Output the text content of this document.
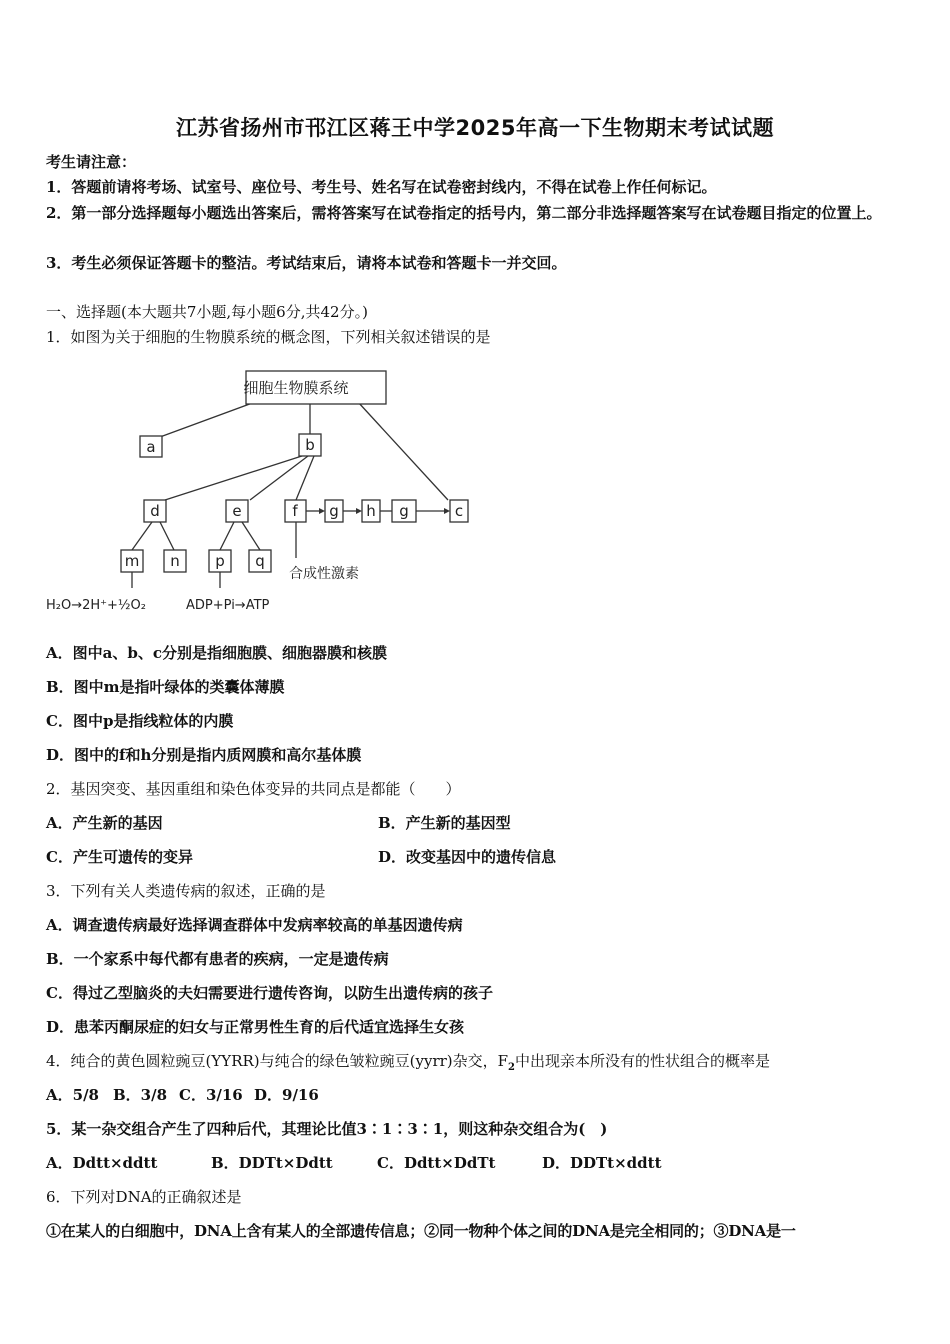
江苏省扬州市邗江区蒋王中学2025年高一下生物期末考试试题
考生请注意：
1．答题前请将考场、试室号、座位号、考生号、姓名写在试卷密封线内，不得在试卷上作任何标记。
2．第一部分选择题每小题选出答案后，需将答案写在试卷指定的括号内，第二部分非选择题答案写在试卷题目指定的位置上。
3．考生必须保证答题卡的整洁。考试结束后，请将本试卷和答题卡一并交回。
一、选择题(本大题共7小题,每小题6分,共42分。)
1．如图为关于细胞的生物膜系统的概念图，下列相关叙述错误的是
细胞生物膜系统
a	b
d	e	f g h g	c
m n p q
合成性激素
H₂O→2H⁺+½O₂	ADP+Pi→ATP
A．图中a、b、c分别是指细胞膜、细胞器膜和核膜
B．图中m是指叶绿体的类囊体薄膜
C．图中p是指线粒体的内膜
D．图中的f和h分别是指内质网膜和高尔基体膜
2．基因突变、基因重组和染色体变异的共同点是都能（　　）
A．产生新的基因	B．产生新的基因型
C．产生可遗传的变异	D．改变基因中的遗传信息
3．下列有关人类遗传病的叙述，正确的是
A．调查遗传病最好选择调查群体中发病率较高的单基因遗传病
B．一个家系中每代都有患者的疾病，一定是遗传病
C．得过乙型脑炎的夫妇需要进行遗传咨询，以防生出遗传病的孩子
D．患苯丙酮尿症的妇女与正常男性生育的后代适宜选择生女孩
4．纯合的黄色圆粒豌豆(YYRR)与纯合的绿色皱粒豌豆(yyrr)杂交，$F_2$中出现亲本所没有的性状组合的概率是
A．5/8 B．3/8 C．3/16 D．9/16
5．某一杂交组合产生了四种后代，其理论比值3∶1∶3∶1，则这种杂交组合为(　)
A．Ddtt×ddtt	B．DDTt×Ddtt	C．Ddtt×DdTt	D．DDTt×ddtt
6．下列对DNA的正确叙述是
①在某人的白细胞中，DNA上含有某人的全部遗传信息；②同一物种个体之间的DNA是完全相同的；③DNA是一
